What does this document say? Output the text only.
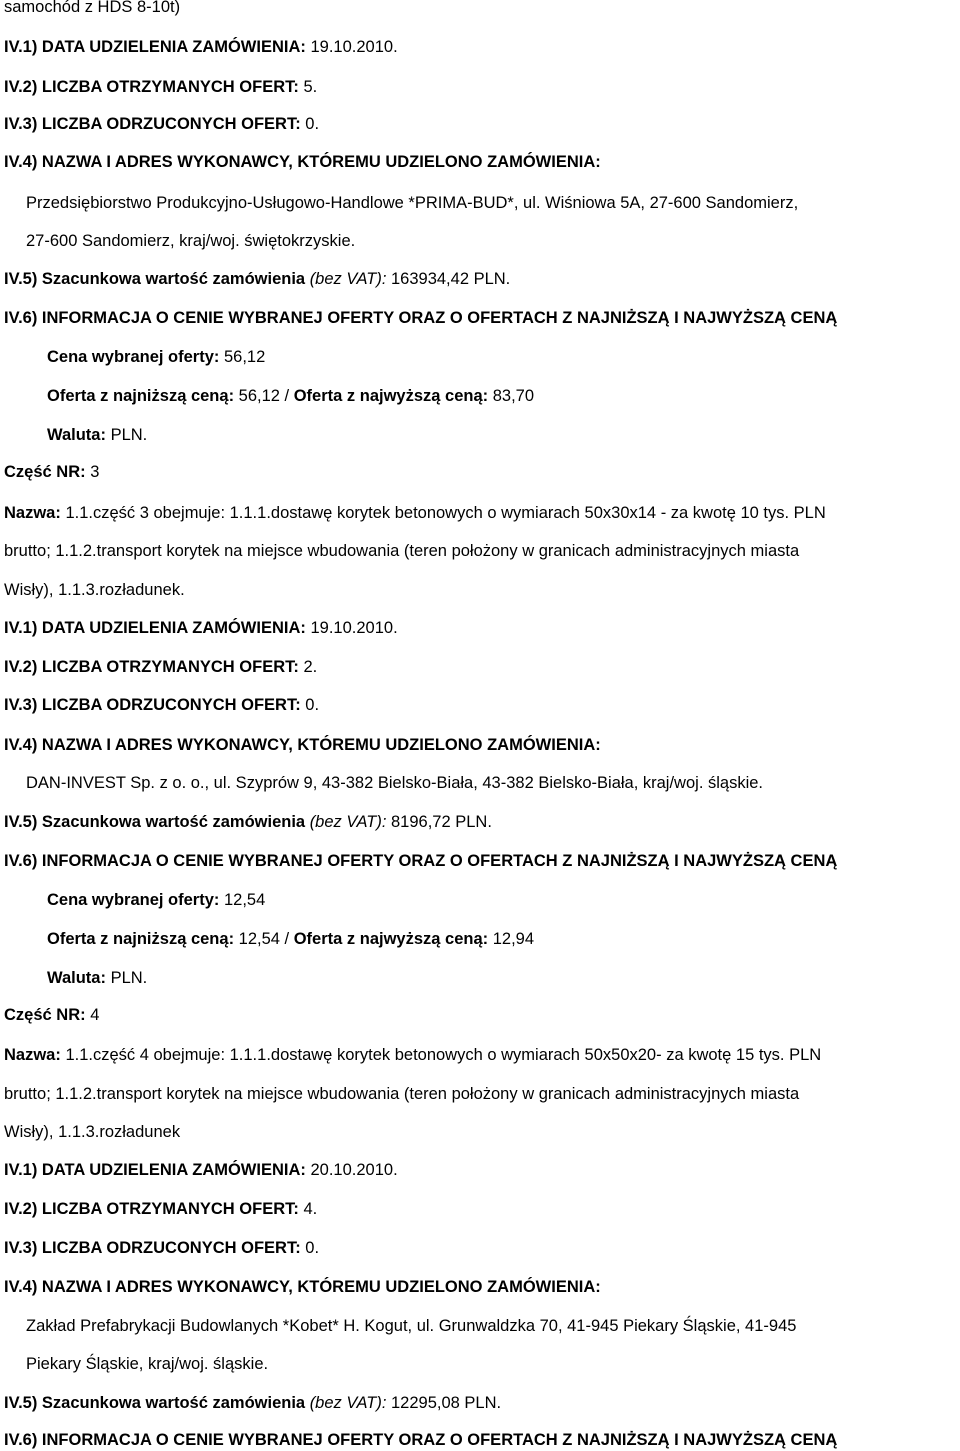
samochód z HDS 8-10t)
IV.1) DATA UDZIELENIA ZAMÓWIENIA: 19.10.2010.
IV.2) LICZBA OTRZYMANYCH OFERT: 5.
IV.3) LICZBA ODRZUCONYCH OFERT: 0.
IV.4) NAZWA I ADRES WYKONAWCY, KTÓREMU UDZIELONO ZAMÓWIENIA:
Przedsiębiorstwo Produkcyjno-Usługowo-Handlowe *PRIMA-BUD*, ul. Wiśniowa 5A, 27-600 Sandomierz,
27-600 Sandomierz, kraj/woj. świętokrzyskie.
IV.5) Szacunkowa wartość zamówienia (bez VAT): 163934,42 PLN.
IV.6) INFORMACJA O CENIE WYBRANEJ OFERTY ORAZ O OFERTACH Z NAJNIŻSZĄ I NAJWYŻSZĄ CENĄ
Cena wybranej oferty: 56,12
Oferta z najniższą ceną: 56,12 / Oferta z najwyższą ceną: 83,70
Waluta: PLN.
Część NR: 3
Nazwa: 1.1.część 3 obejmuje: 1.1.1.dostawę korytek betonowych o wymiarach 50x30x14 - za kwotę 10 tys. PLN
brutto; 1.1.2.transport korytek na miejsce wbudowania (teren położony w granicach administracyjnych miasta
Wisły), 1.1.3.rozładunek.
IV.1) DATA UDZIELENIA ZAMÓWIENIA: 19.10.2010.
IV.2) LICZBA OTRZYMANYCH OFERT: 2.
IV.3) LICZBA ODRZUCONYCH OFERT: 0.
IV.4) NAZWA I ADRES WYKONAWCY, KTÓREMU UDZIELONO ZAMÓWIENIA:
DAN-INVEST Sp. z o. o., ul. Szyprów 9, 43-382 Bielsko-Biała, 43-382 Bielsko-Biała, kraj/woj. śląskie.
IV.5) Szacunkowa wartość zamówienia (bez VAT): 8196,72 PLN.
IV.6) INFORMACJA O CENIE WYBRANEJ OFERTY ORAZ O OFERTACH Z NAJNIŻSZĄ I NAJWYŻSZĄ CENĄ
Cena wybranej oferty: 12,54
Oferta z najniższą ceną: 12,54 / Oferta z najwyższą ceną: 12,94
Waluta: PLN.
Część NR: 4
Nazwa: 1.1.część 4 obejmuje: 1.1.1.dostawę korytek betonowych o wymiarach 50x50x20- za kwotę 15 tys. PLN
brutto; 1.1.2.transport korytek na miejsce wbudowania (teren położony w granicach administracyjnych miasta
Wisły), 1.1.3.rozładunek
IV.1) DATA UDZIELENIA ZAMÓWIENIA: 20.10.2010.
IV.2) LICZBA OTRZYMANYCH OFERT: 4.
IV.3) LICZBA ODRZUCONYCH OFERT: 0.
IV.4) NAZWA I ADRES WYKONAWCY, KTÓREMU UDZIELONO ZAMÓWIENIA:
Zakład Prefabrykacji Budowlanych *Kobet* H. Kogut, ul. Grunwaldzka 70, 41-945 Piekary Śląskie, 41-945
Piekary Śląskie, kraj/woj. śląskie.
IV.5) Szacunkowa wartość zamówienia (bez VAT): 12295,08 PLN.
IV.6) INFORMACJA O CENIE WYBRANEJ OFERTY ORAZ O OFERTACH Z NAJNIŻSZĄ I NAJWYŻSZĄ CENĄ
